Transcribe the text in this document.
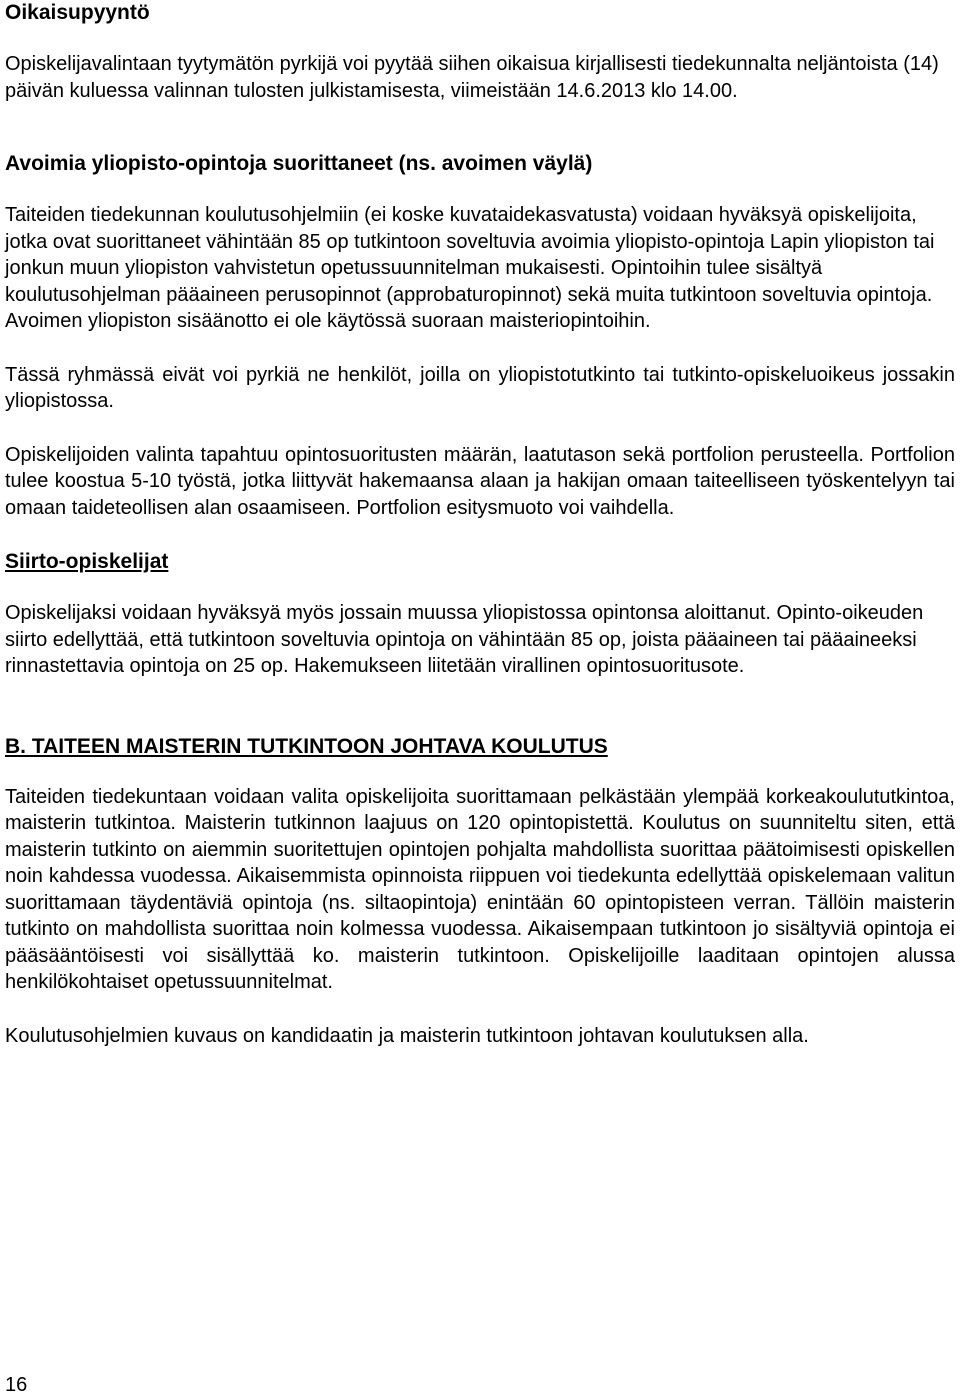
Oikaisupyyntö

Opiskelijavalintaan tyytymätön pyrkijä voi pyytää siihen oikaisua kirjallisesti tiedekunnalta neljäntoista (14) päivän kuluessa valinnan tulosten julkistamisesta, viimeistään 14.6.2013 klo 14.00.

Avoimia yliopisto-opintoja suorittaneet (ns. avoimen väylä)

Taiteiden tiedekunnan koulutusohjelmiin (ei koske kuvataidekasvatusta) voidaan hyväksyä opiskelijoita, jotka ovat suorittaneet vähintään 85 op tutkintoon soveltuvia avoimia yliopisto-opintoja Lapin yliopiston tai jonkun muun yliopiston vahvistetun opetussuunnitelman mukaisesti. Opintoihin tulee sisältyä koulutusohjelman pääaineen perusopinnot (approbaturopinnot) sekä muita tutkintoon soveltuvia opintoja. Avoimen yliopiston sisäänotto ei ole käytössä suoraan maisteriopintoihin.

Tässä ryhmässä eivät voi pyrkiä ne henkilöt, joilla on yliopistotutkinto tai tutkinto-opiskeluoikeus jossakin yliopistossa.

Opiskelijoiden valinta tapahtuu opintosuoritusten määrän, laatutason sekä portfolion perusteella. Portfolion tulee koostua 5-10 työstä, jotka liittyvät hakemaansa alaan ja hakijan omaan taiteelliseen työskentelyyn tai omaan taideteollisen alan osaamiseen. Portfolion esitysmuoto voi vaihdella.

Siirto-opiskelijat

Opiskelijaksi voidaan hyväksyä myös jossain muussa yliopistossa opintonsa aloittanut. Opinto-oikeuden siirto edellyttää, että tutkintoon soveltuvia opintoja on vähintään 85 op, joista pääaineen tai pääaineeksi rinnastettavia opintoja on 25 op. Hakemukseen liitetään virallinen opintosuoritusote.

B. TAITEEN MAISTERIN TUTKINTOON JOHTAVA KOULUTUS

Taiteiden tiedekuntaan voidaan valita opiskelijoita suorittamaan pelkästään ylempää korkeakoulututkintoa, maisterin tutkintoa. Maisterin tutkinnon laajuus on 120 opintopistettä. Koulutus on suunniteltu siten, että maisterin tutkinto on aiemmin suoritettujen opintojen pohjalta mahdollista suorittaa päätoimisesti opiskellen noin kahdessa vuodessa. Aikaisemmista opinnoista riippuen voi tiedekunta edellyttää opiskelemaan valitun suorittamaan täydentäviä opintoja (ns. siltaopintoja) enintään 60 opintopisteen verran. Tällöin maisterin tutkinto on mahdollista suorittaa noin kolmessa vuodessa. Aikaisempaan tutkintoon jo sisältyviä opintoja ei pääsääntöisesti voi sisällyttää ko. maisterin tutkintoon. Opiskelijoille laaditaan opintojen alussa henkilökohtaiset opetussuunnitelmat.

Koulutusohjelmien kuvaus on kandidaatin ja maisterin tutkintoon johtavan koulutuksen alla.

16
